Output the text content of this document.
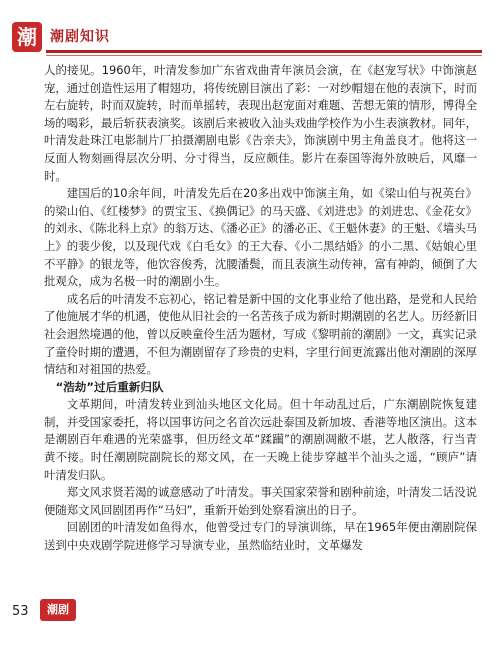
潮 潮剧知识

人的接见。1960年，叶清发参加广东省戏曲青年演员会演，在《赵宠写状》中饰演赵宠，通过创造性运用了帽翅功，将传统剧目演出了彩：一对纱帽翅在他的表演下，时而左右旋转，时而双旋转，时而单摇转，表现出赵宠面对难题、苦想无策的情形，博得全场的喝彩，最后斩获表演奖。该剧后来被收入汕头戏曲学校作为小生表演教材。同年，叶清发赴珠江电影制片厂拍摄潮剧电影《告亲夫》，饰演剧中男主角盖良才。他将这一反面人物刻画得层次分明、分寸得当，反应颇佳。影片在泰国等海外放映后，风靡一时。

建国后的10余年间，叶清发先后在20多出戏中饰演主角，如《梁山伯与祝英台》的梁山伯、《红楼梦》的贾宝玉、《换偶记》的马天盛、《刘进忠》的刘进忠、《金花女》的刘永、《陈北科上京》的翁万达、《潘必正》的潘必正、《王魁休妻》的王魁、《墙头马上》的裴少俊，以及现代戏《白毛女》的王大春、《小二黑结婚》的小二黑、《姑娘心里不平静》的银龙等，他饮容俊秀，沈腰潘鬓，而且表演生动传神，富有神韵，倾倒了大批观众，成为名极一时的潮剧小生。

成名后的叶清发不忘初心，铭记着是新中国的文化事业给了他出路，是党和人民给了他施展才华的机遇，使他从旧社会的一名苦孩子成为新时期潮剧的名艺人。历经新旧社会迥然境遇的他，曾以反映童伶生活为题材，写成《黎明前的潮剧》一文，真实记录了童伶时期的遭遇，不但为潮剧留存了珍贵的史料，字里行间更流露出他对潮剧的深厚情结和对祖国的热爱。

“浩劫”过后重新归队

文革期间，叶清发转业到汕头地区文化局。但十年动乱过后，广东潮剧院恢复建制，并受国家委托，将以国事访问之名首次远赴泰国及新加坡、香港等地区演出。这本是潮剧百年难遇的光荣盛事，但历经文革“蹂躏”的潮剧凋敝不堪，艺人散落，行当青黄不接。时任潮剧院副院长的郑文风，在一天晚上徒步穿越半个汕头之遥，“顾庐”请叶清发归队。

郑文风求贤若渴的诚意感动了叶清发。事关国家荣誉和剧种前途，叶清发二话没说便随郑文风回剧团再作“马妇”，重新开始到处察看演出的日子。

回剧团的叶清发如鱼得水，他曾受过专门的导演训练，早在1965年便由潮剧院保送到中央戏剧学院进修学习导演专业，虽然临结业时，文革爆发

53	潮剧
